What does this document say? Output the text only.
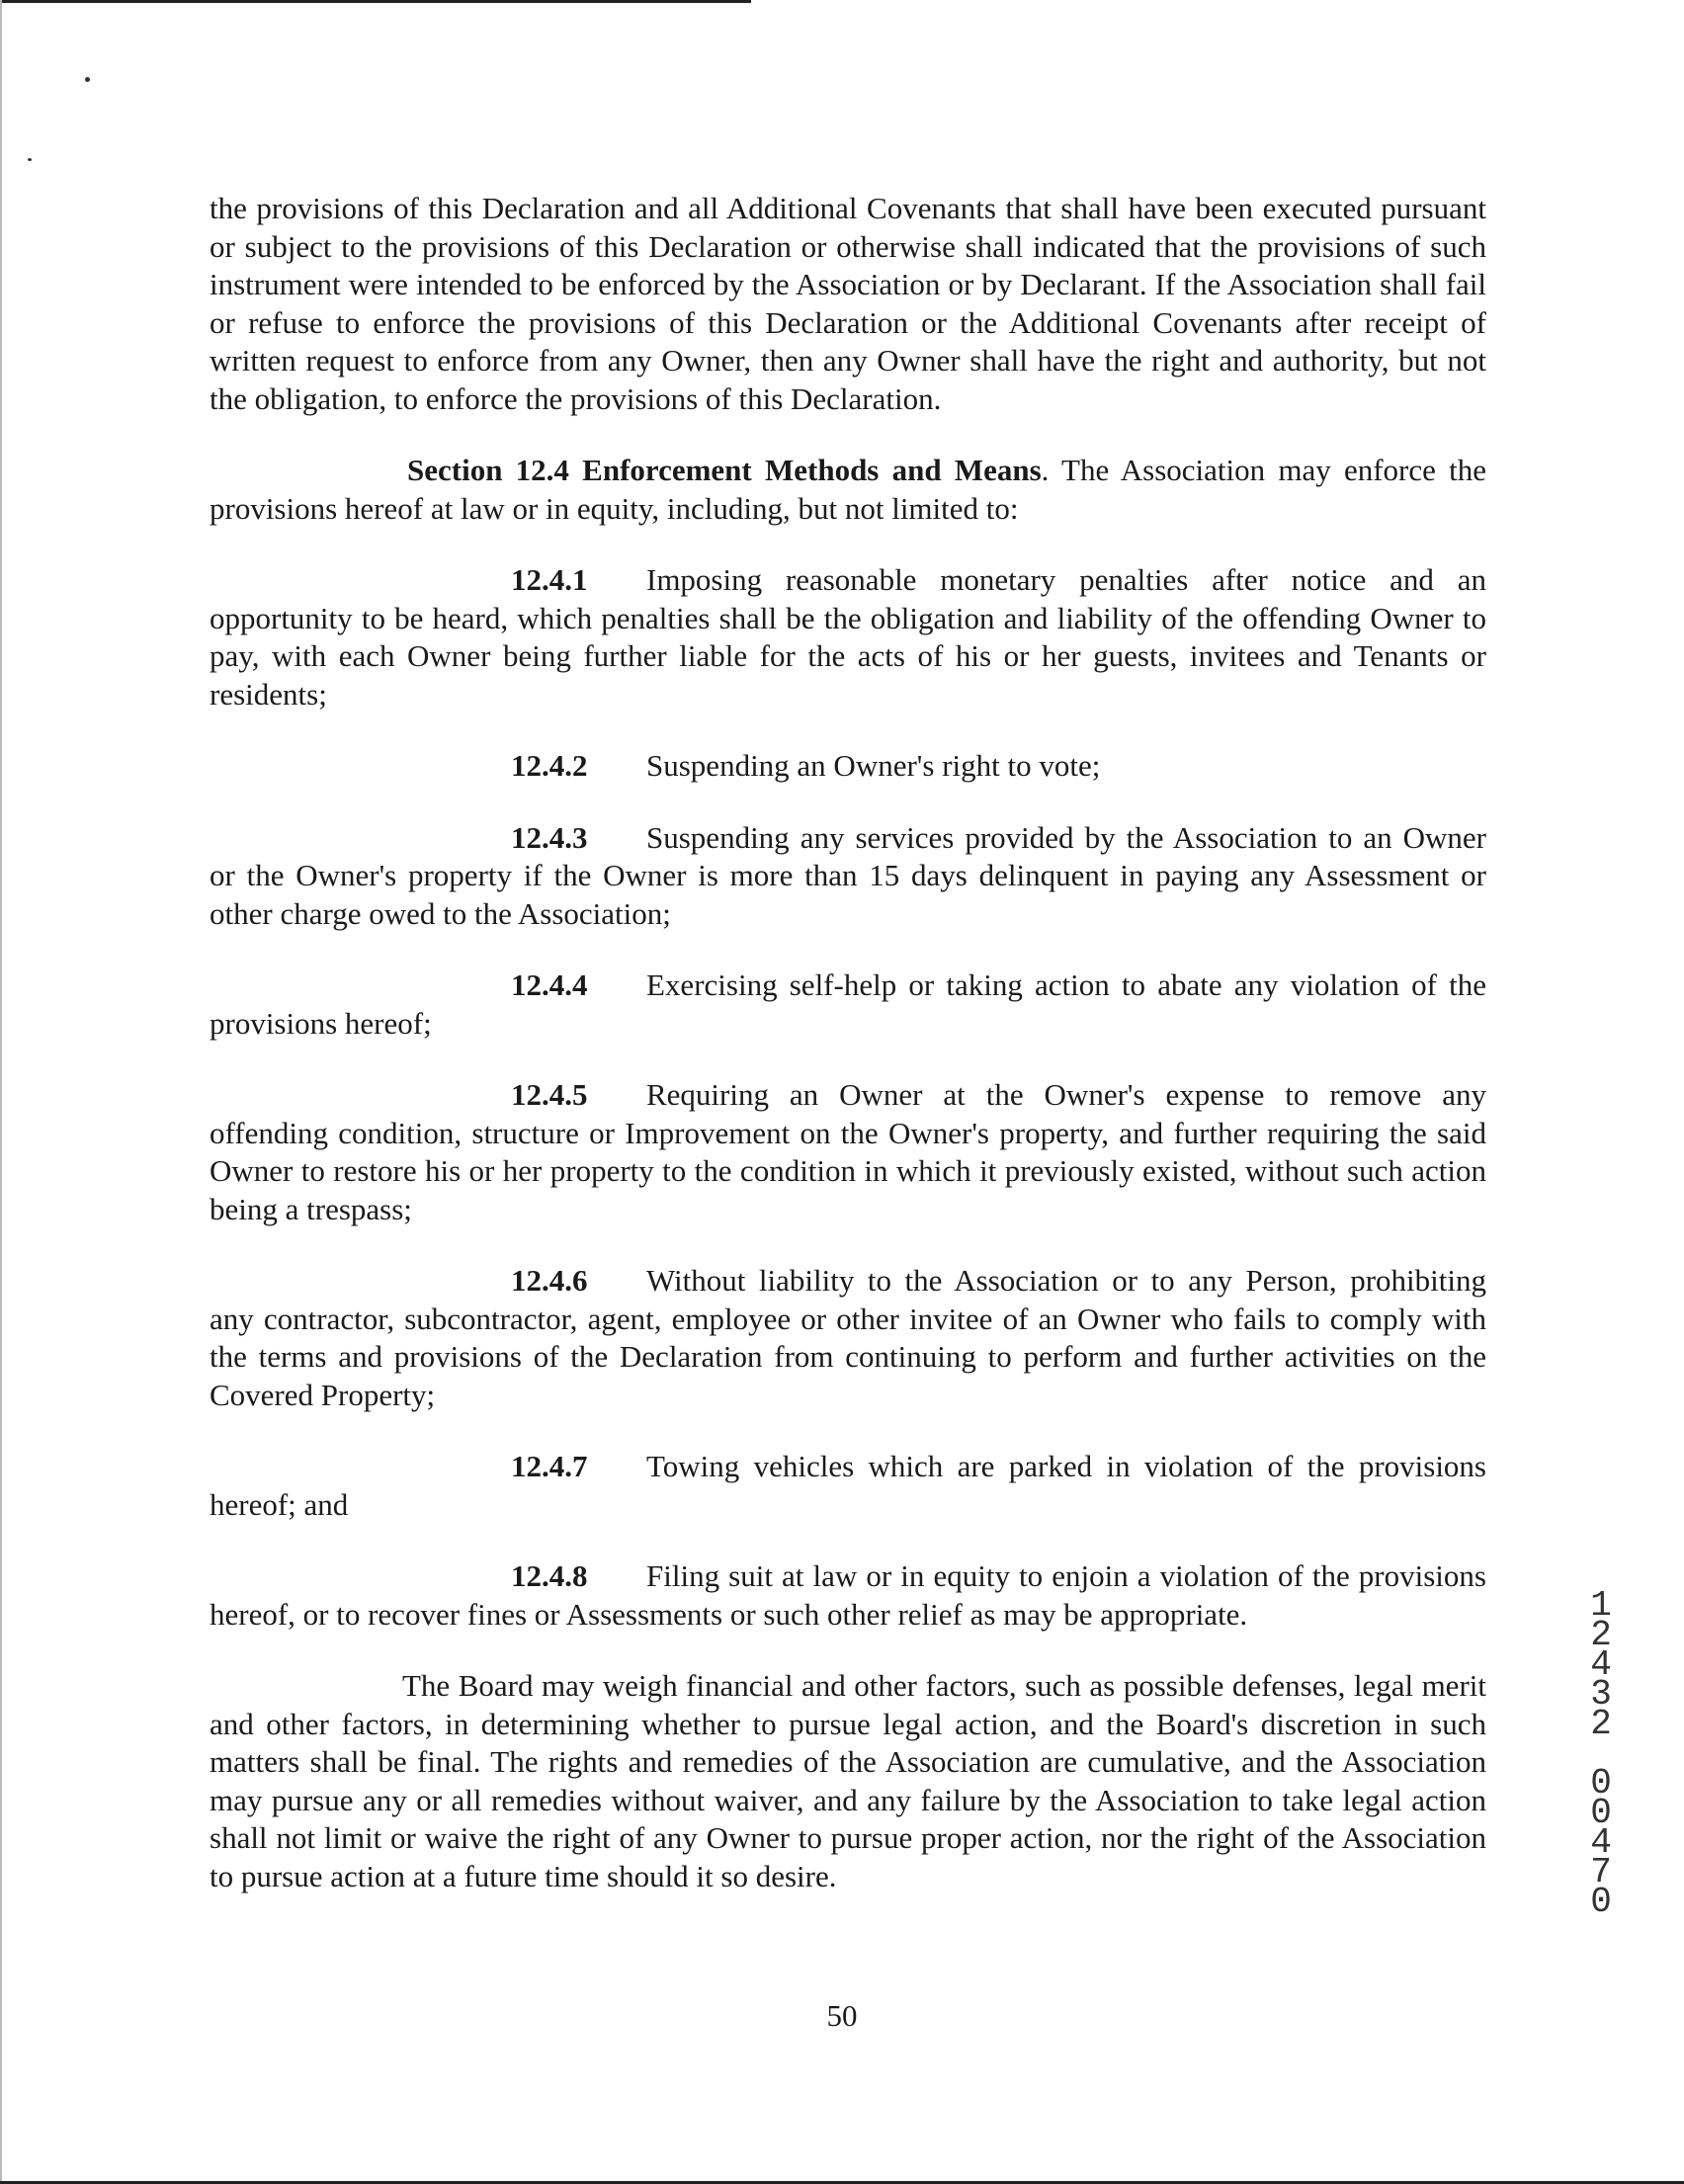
the provisions of this Declaration and all Additional Covenants that shall have been executed pursuant or subject to the provisions of this Declaration or otherwise shall indicated that the provisions of such instrument were intended to be enforced by the Association or by Declarant. If the Association shall fail or refuse to enforce the provisions of this Declaration or the Additional Covenants after receipt of written request to enforce from any Owner, then any Owner shall have the right and authority, but not the obligation, to enforce the provisions of this Declaration.

Section 12.4 Enforcement Methods and Means. The Association may enforce the provisions hereof at law or in equity, including, but not limited to:

12.4.1 Imposing reasonable monetary penalties after notice and an opportunity to be heard, which penalties shall be the obligation and liability of the offending Owner to pay, with each Owner being further liable for the acts of his or her guests, invitees and Tenants or residents;

12.4.2 Suspending an Owner's right to vote;

12.4.3 Suspending any services provided by the Association to an Owner or the Owner's property if the Owner is more than 15 days delinquent in paying any Assessment or other charge owed to the Association;

12.4.4 Exercising self-help or taking action to abate any violation of the provisions hereof;

12.4.5 Requiring an Owner at the Owner's expense to remove any offending condition, structure or Improvement on the Owner's property, and further requiring the said Owner to restore his or her property to the condition in which it previously existed, without such action being a trespass;

12.4.6 Without liability to the Association or to any Person, prohibiting any contractor, subcontractor, agent, employee or other invitee of an Owner who fails to comply with the terms and provisions of the Declaration from continuing to perform and further activities on the Covered Property;

12.4.7 Towing vehicles which are parked in violation of the provisions hereof; and

12.4.8 Filing suit at law or in equity to enjoin a violation of the provisions hereof, or to recover fines or Assessments or such other relief as may be appropriate.

The Board may weigh financial and other factors, such as possible defenses, legal merit and other factors, in determining whether to pursue legal action, and the Board's discretion in such matters shall be final. The rights and remedies of the Association are cumulative, and the Association may pursue any or all remedies without waiver, and any failure by the Association to take legal action shall not limit or waive the right of any Owner to pursue proper action, nor the right of the Association to pursue action at a future time should it so desire.

50
1
2
4
3
2

0
0
4
7
0
